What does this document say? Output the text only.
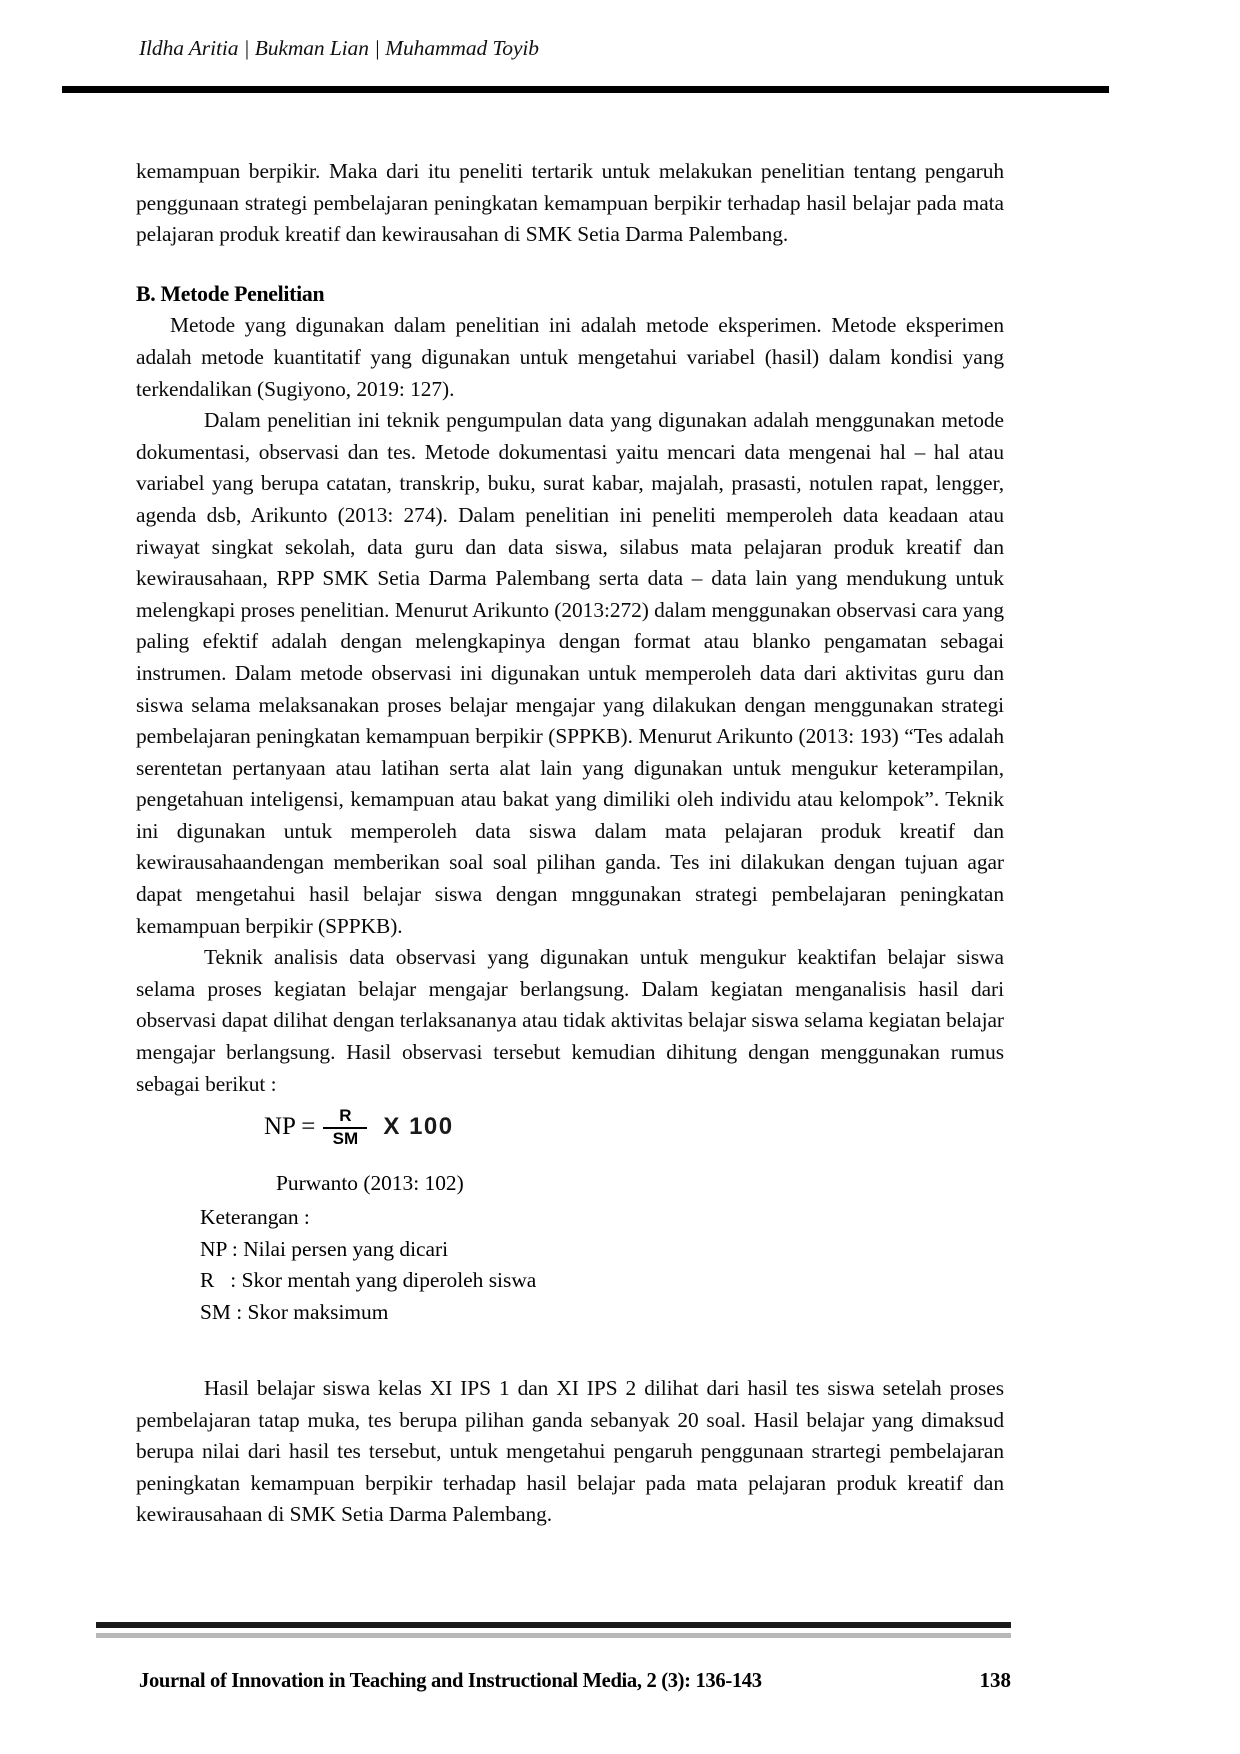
Ildha Aritia | Bukman Lian | Muhammad Toyib

kemampuan berpikir. Maka dari itu peneliti tertarik untuk melakukan penelitian tentang pengaruh penggunaan strategi pembelajaran peningkatan kemampuan berpikir terhadap hasil belajar pada mata pelajaran produk kreatif dan kewirausahan di SMK Setia Darma Palembang.

B. Metode Penelitian

Metode yang digunakan dalam penelitian ini adalah metode eksperimen. Metode eksperimen adalah metode kuantitatif yang digunakan untuk mengetahui variabel (hasil) dalam kondisi yang terkendalikan (Sugiyono, 2019: 127).

Dalam penelitian ini teknik pengumpulan data yang digunakan adalah menggunakan metode dokumentasi, observasi dan tes. Metode dokumentasi yaitu mencari data mengenai hal – hal atau variabel yang berupa catatan, transkrip, buku, surat kabar, majalah, prasasti, notulen rapat, lengger, agenda dsb, Arikunto (2013: 274). Dalam penelitian ini peneliti memperoleh data keadaan atau riwayat singkat sekolah, data guru dan data siswa, silabus mata pelajaran produk kreatif dan kewirausahaan, RPP SMK Setia Darma Palembang serta data – data lain yang mendukung untuk melengkapi proses penelitian. Menurut Arikunto (2013:272) dalam menggunakan observasi cara yang paling efektif adalah dengan melengkapinya dengan format atau blanko pengamatan sebagai instrumen. Dalam metode observasi ini digunakan untuk memperoleh data dari aktivitas guru dan siswa selama melaksanakan proses belajar mengajar yang dilakukan dengan menggunakan strategi pembelajaran peningkatan kemampuan berpikir (SPPKB). Menurut Arikunto (2013: 193) “Tes adalah serentetan pertanyaan atau latihan serta alat lain yang digunakan untuk mengukur keterampilan, pengetahuan inteligensi, kemampuan atau bakat yang dimiliki oleh individu atau kelompok”. Teknik ini digunakan untuk memperoleh data siswa dalam mata pelajaran produk kreatif dan kewirausahaandengan memberikan soal soal pilihan ganda. Tes ini dilakukan dengan tujuan agar dapat mengetahui hasil belajar siswa dengan mnggunakan strategi pembelajaran peningkatan kemampuan berpikir (SPPKB).

Teknik analisis data observasi yang digunakan untuk mengukur keaktifan belajar siswa selama proses kegiatan belajar mengajar berlangsung. Dalam kegiatan menganalisis hasil dari observasi dapat dilihat dengan terlaksananya atau tidak aktivitas belajar siswa selama kegiatan belajar mengajar berlangsung. Hasil observasi tersebut kemudian dihitung dengan menggunakan rumus sebagai berikut :

NP = $\frac{R}{SM}$ X 100
Purwanto (2013: 102)
Keterangan :
NP : Nilai persen yang dicari
R   : Skor mentah yang diperoleh siswa
SM : Skor maksimum

Hasil belajar siswa kelas XI IPS 1 dan XI IPS 2 dilihat dari hasil tes siswa setelah proses pembelajaran tatap muka, tes berupa pilihan ganda sebanyak 20 soal. Hasil belajar yang dimaksud berupa nilai dari hasil tes tersebut, untuk mengetahui pengaruh penggunaan strartegi pembelajaran peningkatan kemampuan berpikir terhadap hasil belajar pada mata pelajaran produk kreatif dan kewirausahaan di SMK Setia Darma Palembang.

Journal of Innovation in Teaching and Instructional Media, 2 (3): 136-143	138
